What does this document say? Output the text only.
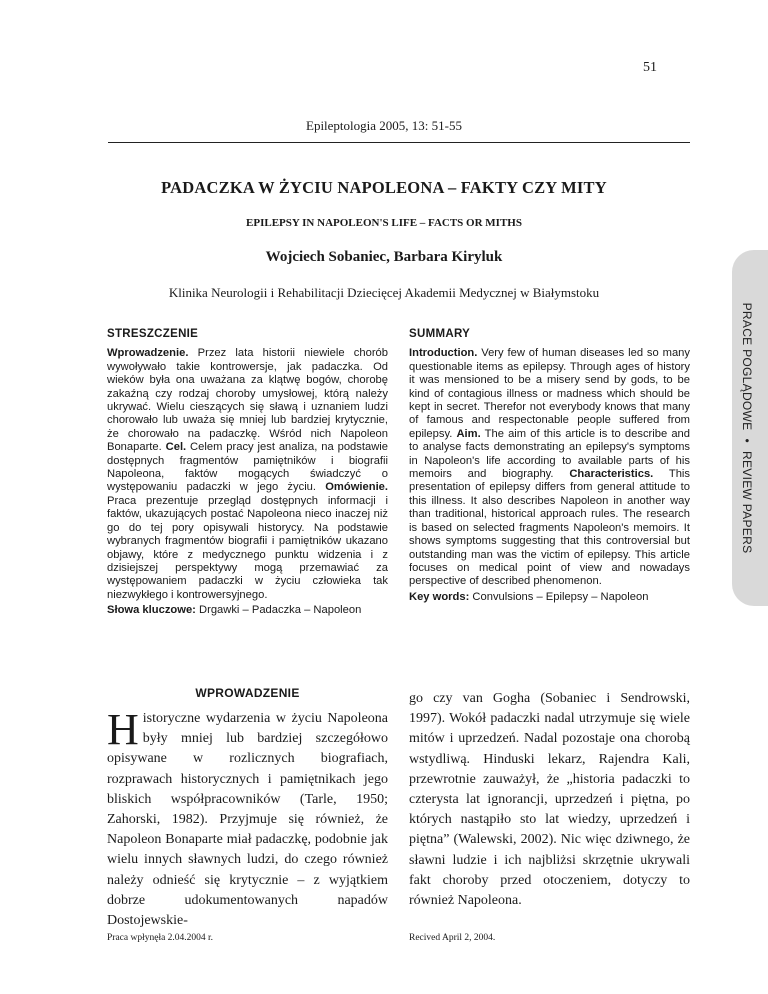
51
Epileptologia 2005, 13: 51-55
PADACZKA W ŻYCIU NAPOLEONA – FAKTY CZY MITY
EPILEPSY IN NAPOLEON'S LIFE – FACTS OR MITHS
Wojciech Sobaniec, Barbara Kiryluk
Klinika Neurologii i Rehabilitacji Dziecięcej Akademii Medycznej w Białymstoku
PRACE POGLĄDOWE•REVIEW PAPERS
STRESZCZENIE

Wprowadzenie. Przez lata historii niewiele chorób wywoływało takie kontrowersje, jak padaczka. Od wieków była ona uważana za klątwę bogów, chorobę zakaźną czy rodzaj choroby umysłowej, którą należy ukrywać. Wielu cieszących się sławą i uznaniem ludzi chorowało lub uważa się mniej lub bardziej krytycznie, że chorowało na padaczkę. Wśród nich Napoleon Bonaparte. Cel. Celem pracy jest analiza, na podstawie dostępnych fragmentów pamiętników i biografii Napoleona, faktów mogących świadczyć o występowaniu padaczki w jego życiu. Omówienie. Praca prezentuje przegląd dostępnych informacji i faktów, ukazujących postać Napoleona nieco inaczej niż go do tej pory opisywali historycy. Na podstawie wybranych fragmentów biografii i pamiętników ukazano objawy, które z medycznego punktu widzenia i z dzisiejszej perspektywy mogą przemawiać za występowaniem padaczki w życiu człowieka tak niezwykłego i kontrowersyjnego.

Słowa kluczowe: Drgawki – Padaczka – Napoleon

SUMMARY

Introduction. Very few of human diseases led so many questionable items as epilepsy. Through ages of history it was mensioned to be a misery send by gods, to be kind of contagious illness or madness which should be kept in secret. Therefor not everybody knows that many of famous and respectonable people suffered from epilepsy. Aim. The aim of this article is to describe and to analyse facts demonstrating an epilepsy's symptoms in Napoleon's life according to available parts of his memoirs and biography. Characteristics. This presentation of epilepsy differs from general attitude to this illness. It also describes Napoleon in another way than traditional, historical approach rules. The research is based on selected fragments Napoleon's memoirs. It shows symptoms suggesting that this controversial but outstanding man was the victim of epilepsy. This article focuses on medical point of view and nowadays perspective of described phenomenon.

Key words: Convulsions – Epilepsy – Napoleon

WPROWADZENIE
Historyczne wydarzenia w życiu Napoleona były mniej lub bardziej szczegółowo opisywane w rozlicznych biografiach, rozprawach historycznych i pamiętnikach jego bliskich współpracowników (Tarle, 1950; Zahorski, 1982). Przyjmuje się również, że Napoleon Bonaparte miał padaczkę, podobnie jak wielu innych sławnych ludzi, do czego również należy odnieść się krytycznie – z wyjątkiem dobrze udokumentowanych napadów Dostojewskie-
go czy van Gogha (Sobaniec i Sendrowski, 1997). Wokół padaczki nadal utrzymuje się wiele mitów i uprzedzeń. Nadal pozostaje ona chorobą wstydliwą. Hinduski lekarz, Rajendra Kali, przewrotnie zauważył, że „historia padaczki to czterysta lat ignorancji, uprzedzeń i piętna, po których nastąpiło sto lat wiedzy, uprzedzeń i piętna” (Walewski, 2002). Nic więc dziwnego, że sławni ludzie i ich najbliżsi skrzętnie ukrywali fakt choroby przed otoczeniem, dotyczy to również Napoleona.
Praca wpłynęła 2.04.2004 r.	Recived April 2, 2004.
